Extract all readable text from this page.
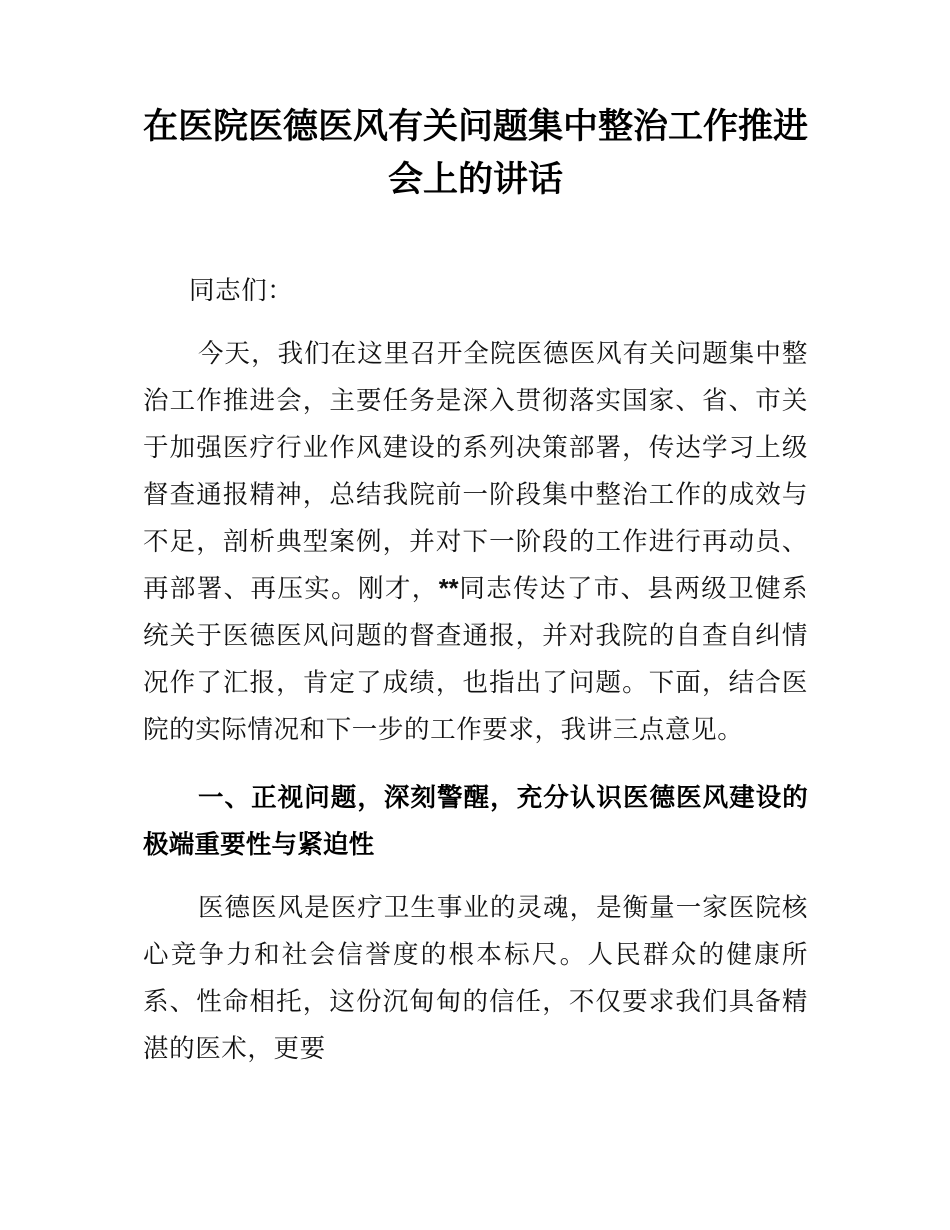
在医院医德医风有关问题集中整治工作推进会上的讲话

同志们：

今天，我们在这里召开全院医德医风有关问题集中整治工作推进会，主要任务是深入贯彻落实国家、省、市关于加强医疗行业作风建设的系列决策部署，传达学习上级督查通报精神，总结我院前一阶段集中整治工作的成效与不足，剖析典型案例，并对下一阶段的工作进行再动员、再部署、再压实。刚才，**同志传达了市、县两级卫健系统关于医德医风问题的督查通报，并对我院的自查自纠情况作了汇报，肯定了成绩，也指出了问题。下面，结合医院的实际情况和下一步的工作要求，我讲三点意见。

一、正视问题，深刻警醒，充分认识医德医风建设的极端重要性与紧迫性

医德医风是医疗卫生事业的灵魂，是衡量一家医院核心竞争力和社会信誉度的根本标尺。人民群众的健康所系、性命相托，这份沉甸甸的信任，不仅要求我们具备精湛的医术，更要
